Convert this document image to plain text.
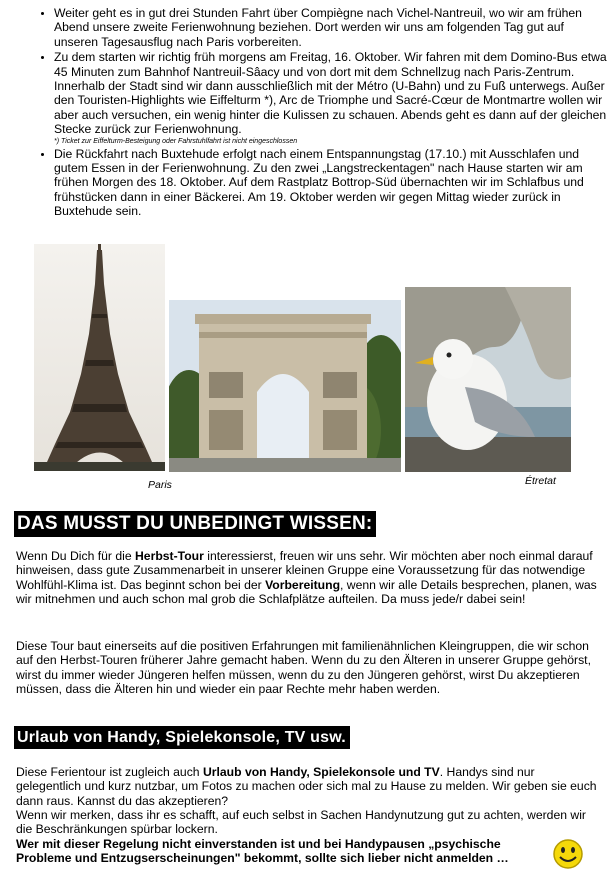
• Weiter geht es in gut drei Stunden Fahrt über Compiègne nach Vichel-Nantreuil, wo wir am frühen Abend unsere zweite Ferienwohnung beziehen. Dort werden wir uns am folgenden Tag gut auf unseren Tagesausflug nach Paris vorbereiten.
• Zu dem starten wir richtig früh morgens am Freitag, 16. Oktober. Wir fahren mit dem Domino-Bus etwa 45 Minuten zum Bahnhof Nantreuil-Sâacy und von dort mit dem Schnellzug nach Paris-Zentrum. Innerhalb der Stadt sind wir dann ausschließlich mit der Métro (U-Bahn) und zu Fuß unterwegs. Außer den Touristen-Highlights wie Eiffelturm *), Arc de Triomphe und Sacré-Cœur de Montmartre wollen wir aber auch versuchen, ein wenig hinter die Kulissen zu schauen. Abends geht es dann auf der gleichen Stecke zurück zur Ferienwohnung.
*) Ticket zur Eiffelturm-Besteigung oder Fahrstuhlfahrt ist nicht eingeschlossen
• Die Rückfahrt nach Buxtehude erfolgt nach einem Entspannungstag (17.10.) mit Ausschlafen und gutem Essen in der Ferienwohnung. Zu den zwei „Langstreckentagen" nach Hause starten wir am frühen Morgen des 18. Oktober. Auf dem Rastplatz Bottrop-Süd übernachten wir im Schlafbus und frühstücken dann in einer Bäckerei. Am 19. Oktober werden wir gegen Mittag wieder zurück in Buxtehude sein.
Paris	Étretat
DAS MUSST DU UNBEDINGT WISSEN:

Wenn Du Dich für die Herbst-Tour interessierst, freuen wir uns sehr. Wir möchten aber noch einmal darauf hinweisen, dass gute Zusammenarbeit in unserer kleinen Gruppe eine Voraussetzung für das notwendige Wohlfühl-Klima ist. Das beginnt schon bei der Vorbereitung, wenn wir alle Details besprechen, planen, was wir mitnehmen und auch schon mal grob die Schlafplätze aufteilen. Da muss jede/r dabei sein!

Diese Tour baut einerseits auf die positiven Erfahrungen mit familienähnlichen Kleingruppen, die wir schon auf den Herbst-Touren früherer Jahre gemacht haben. Wenn du zu den Älteren in unserer Gruppe gehörst, wirst du immer wieder Jüngeren helfen müssen, wenn du zu den Jüngeren gehörst, wirst Du akzeptieren müssen, dass die Älteren hin und wieder ein paar Rechte mehr haben werden.

Urlaub von Handy, Spielekonsole, TV usw.

Diese Ferientour ist zugleich auch Urlaub von Handy, Spielekonsole und TV. Handys sind nur gelegentlich und kurz nutzbar, um Fotos zu machen oder sich mal zu Hause zu melden. Wir geben sie euch dann raus. Kannst du das akzeptieren?

Wenn wir merken, dass ihr es schafft, auf euch selbst in Sachen Handynutzung gut zu achten, werden wir die Beschränkungen spürbar lockern.

Wer mit dieser Regelung nicht einverstanden ist und bei Handypausen „psychische Probleme und Entzugserscheinungen" bekommt, sollte sich lieber nicht anmelden …
